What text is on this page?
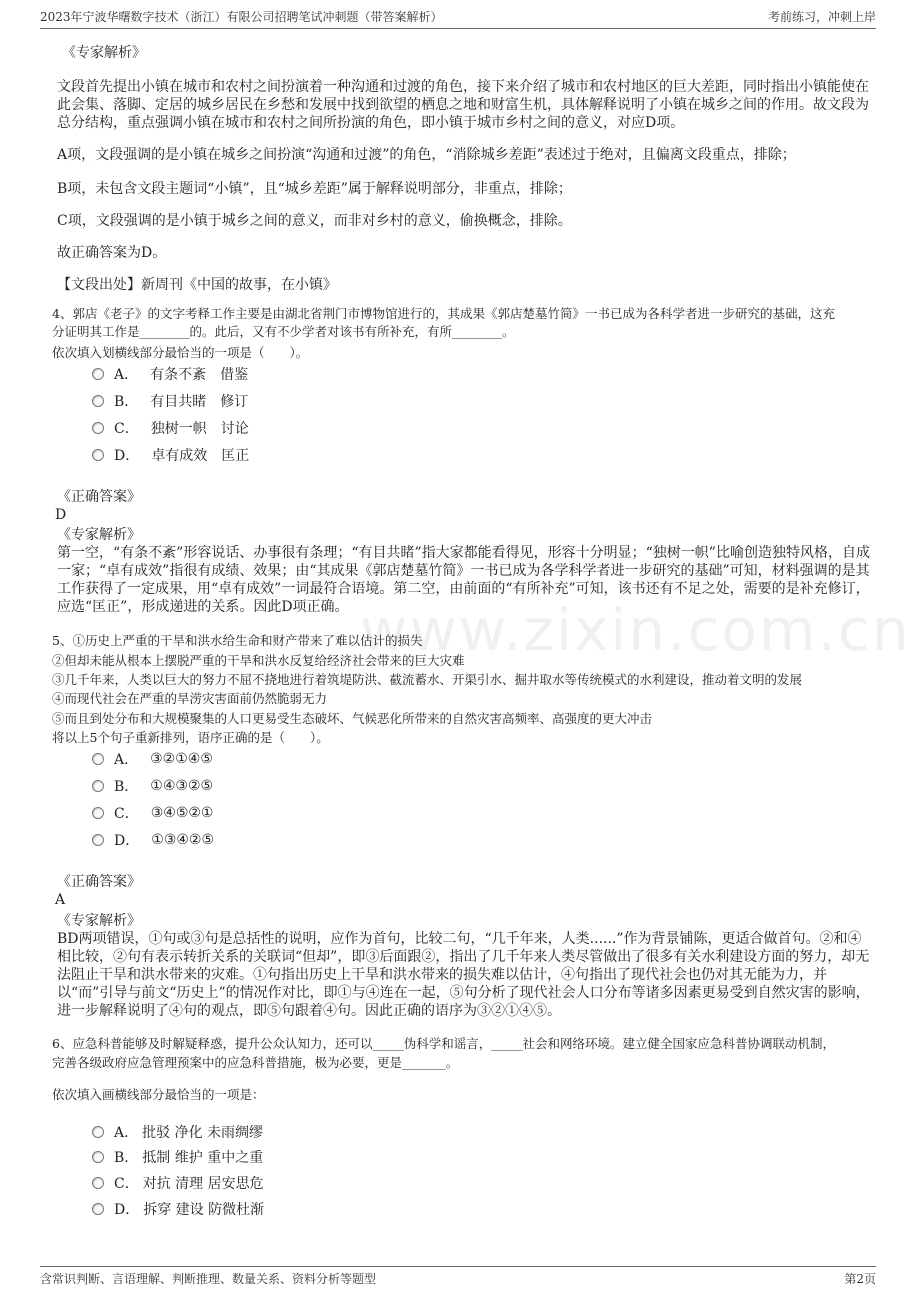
2023年宁波华曙数字技术（浙江）有限公司招聘笔试冲刺题（带答案解析）	考前练习，冲刺上岸
www.zixin.com.cn
《专家解析》
文段首先提出小镇在城市和农村之间扮演着一种沟通和过渡的角色，接下来介绍了城市和农村地区的巨大差距，同时指出小镇能使在此会集、落脚、定居的城乡居民在乡愁和发展中找到欲望的栖息之地和财富生机，具体解释说明了小镇在城乡之间的作用。故文段为总分结构，重点强调小镇在城市和农村之间所扮演的角色，即小镇于城市乡村之间的意义，对应D项。
A项，文段强调的是小镇在城乡之间扮演“沟通和过渡”的角色，“消除城乡差距”表述过于绝对，且偏离文段重点，排除；
B项，未包含文段主题词“小镇”，且“城乡差距”属于解释说明部分，非重点，排除；
C项，文段强调的是小镇于城乡之间的意义，而非对乡村的意义，偷换概念，排除。
故正确答案为D。
【文段出处】新周刊《中国的故事，在小镇》
4、郭店《老子》的文字考释工作主要是由湖北省荆门市博物馆进行的，其成果《郭店楚墓竹简》一书已成为各科学者进一步研究的基础，这充
分证明其工作是________的。此后，又有不少学者对该书有所补充，有所________。
依次填入划横线部分最恰当的一项是（　　）。
A． 有条不紊　借鉴
B． 有目共睹　修订
C． 独树一帜　讨论
D． 卓有成效　匡正
《正确答案》
D
《专家解析》
第一空，“有条不紊”形容说话、办事很有条理；“有目共睹”指大家都能看得见，形容十分明显；“独树一帜”比喻创造独特风格，自成一家；“卓有成效”指很有成绩、效果；由“其成果《郭店楚墓竹简》一书已成为各学科学者进一步研究的基础”可知，材料强调的是其工作获得了一定成果，用“卓有成效”一词最符合语境。第二空，由前面的“有所补充”可知，该书还有不足之处，需要的是补充修订，应选“匡正”，形成递进的关系。因此D项正确。
5、①历史上严重的干旱和洪水给生命和财产带来了难以估计的损失
②但却未能从根本上摆脱严重的干旱和洪水反复给经济社会带来的巨大灾难
③几千年来，人类以巨大的努力不屈不挠地进行着筑堤防洪、截流蓄水、开渠引水、掘井取水等传统模式的水利建设，推动着文明的发展
④而现代社会在严重的旱涝灾害面前仍然脆弱无力
⑤而且到处分布和大规模聚集的人口更易受生态破坏、气候恶化所带来的自然灾害高频率、高强度的更大冲击
将以上5个句子重新排列，语序正确的是（　　）。
A． ③②①④⑤
B． ①④③②⑤
C． ③④⑤②①
D． ①③④②⑤
《正确答案》
A
《专家解析》
BD两项错误，①句或③句是总括性的说明，应作为首句，比较二句，“几千年来，人类......”作为背景铺陈，更适合做首句。②和④相比较，②句有表示转折关系的关联词“但却”，即③后面跟②，指出了几千年来人类尽管做出了很多有关水利建设方面的努力，却无法阻止干旱和洪水带来的灾难。①句指出历史上干旱和洪水带来的损失难以估计，④句指出了现代社会也仍对其无能为力，并以“而”引导与前文“历史上”的情况作对比，即①与④连在一起，⑤句分析了现代社会人口分布等诸多因素更易受到自然灾害的影响，进一步解释说明了④句的观点，即⑤句跟着④句。因此正确的语序为③②①④⑤。
6、应急科普能够及时解疑释惑，提升公众认知力，还可以_____伪科学和谣言，_____社会和网络环境。建立健全国家应急科普协调联动机制，
完善各级政府应急管理预案中的应急科普措施，极为必要，更是_______。
依次填入画横线部分最恰当的一项是：
A． 批驳 净化 未雨绸缪
B． 抵制 维护 重中之重
C． 对抗 清理 居安思危
D． 拆穿 建设 防微杜渐
含常识判断、言语理解、判断推理、数量关系、资料分析等题型	第2页
